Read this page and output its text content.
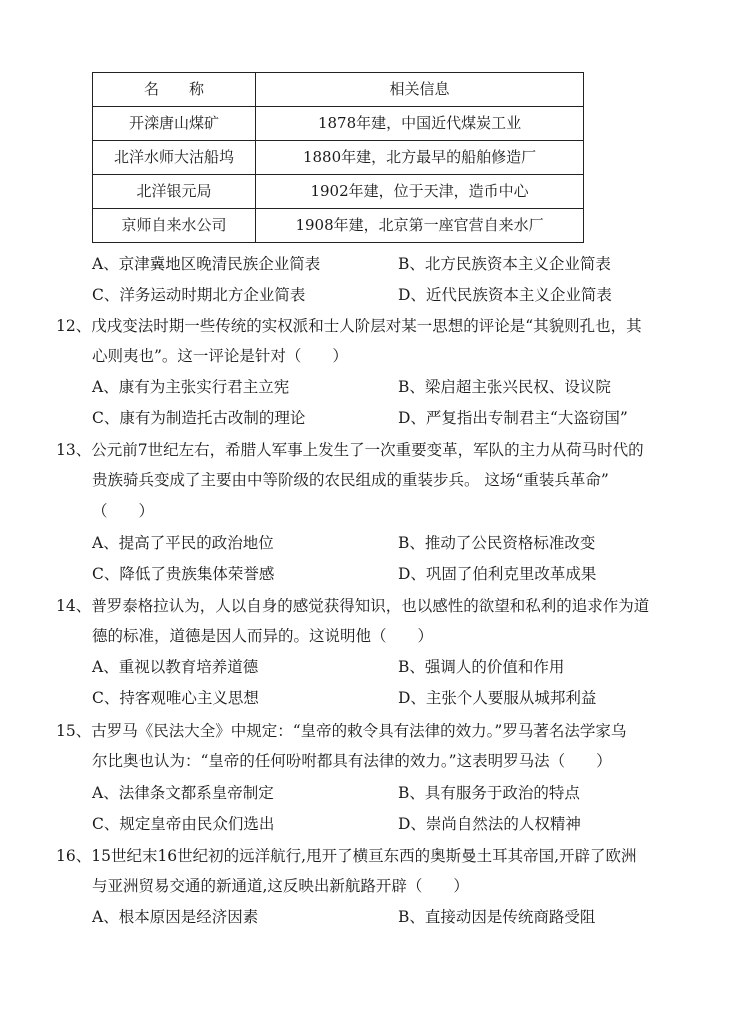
名　　称	相关信息
开滦唐山煤矿	1878年建，中国近代煤炭工业
北洋水师大沽船坞	1880年建，北方最早的船舶修造厂
北洋银元局	1902年建，位于天津，造币中心
京师自来水公司	1908年建，北京第一座官营自来水厂
A、京津冀地区晚清民族企业简表	B、北方民族资本主义企业简表
C、洋务运动时期北方企业简表	D、近代民族资本主义企业简表
12、戊戌变法时期一些传统的实权派和士人阶层对某一思想的评论是“其貌则孔也，其
心则夷也”。这一评论是针对（　　）
A、康有为主张实行君主立宪	B、梁启超主张兴民权、设议院
C、康有为制造托古改制的理论	D、严复指出专制君主“大盗窃国”
13、公元前7世纪左右，希腊人军事上发生了一次重要变革，军队的主力从荷马时代的
贵族骑兵变成了主要由中等阶级的农民组成的重装步兵。 这场“重装兵革命”
（　　）
A、提高了平民的政治地位	B、推动了公民资格标准改变
C、降低了贵族集体荣誉感	D、巩固了伯利克里改革成果
14、普罗泰格拉认为，人以自身的感觉获得知识，也以感性的欲望和私利的追求作为道
德的标准，道德是因人而异的。这说明他（　　）
A、重视以教育培养道德	B、强调人的价值和作用
C、持客观唯心主义思想	D、主张个人要服从城邦利益
15、古罗马《民法大全》中规定：“皇帝的敕令具有法律的效力。”罗马著名法学家乌
尔比奥也认为：“皇帝的任何吩咐都具有法律的效力。”这表明罗马法（　　）
A、法律条文都系皇帝制定	B、具有服务于政治的特点
C、规定皇帝由民众们选出	D、崇尚自然法的人权精神
16、15世纪末16世纪初的远洋航行,甩开了横亘东西的奥斯曼土耳其帝国,开辟了欧洲
与亚洲贸易交通的新通道,这反映出新航路开辟（　　）
A、根本原因是经济因素	B、直接动因是传统商路受阻
